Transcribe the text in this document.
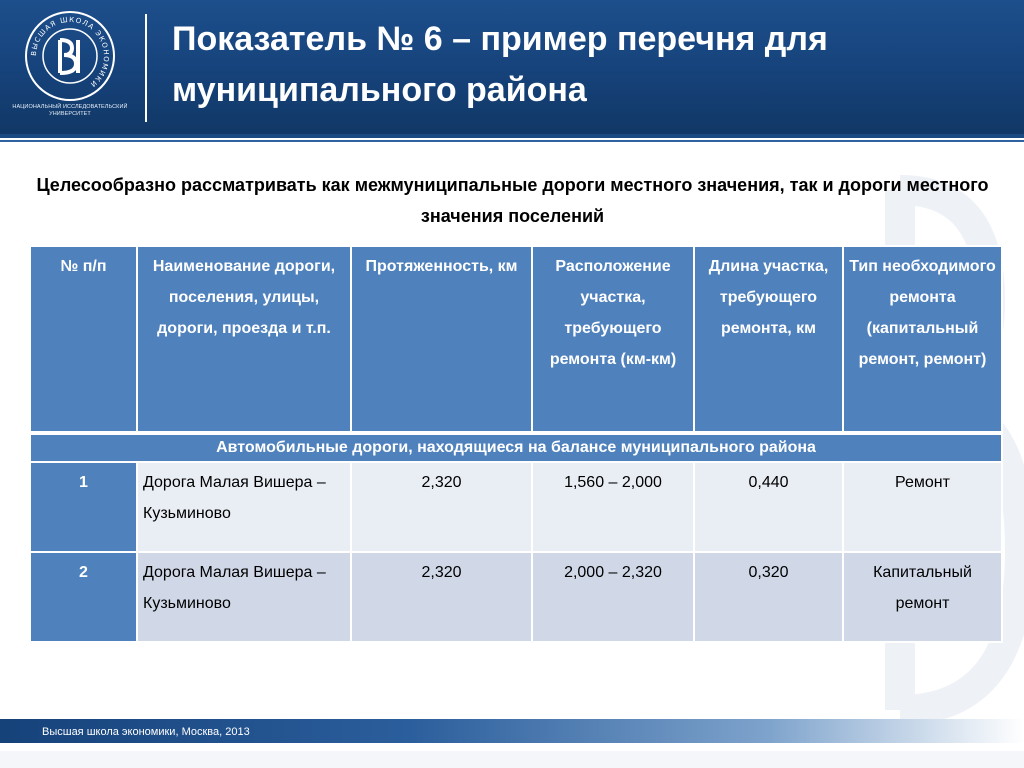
ВЫСШАЯ ШКОЛА ЭКОНОМИКИ
НАЦИОНАЛЬНЫЙ ИССЛЕДОВАТЕЛЬСКИЙ УНИВЕРСИТЕТ
Показатель № 6 – пример перечня для муниципального района
Целесообразно рассматривать как межмуниципальные дороги местного значения, так и дороги местного значения поселений
№ п/п	Наименование дороги, поселения, улицы, дороги, проезда и т.п.	Протяженность, км	Расположение участка, требующего ремонта (км-км)	Длина участка, требующего ремонта, км	Тип необходимого ремонта (капитальный ремонт, ремонт)
Автомобильные дороги, находящиеся на балансе муниципального района					
1	Дорога Малая Вишера – Кузьминово	2,320	1,560 – 2,000	0,440	Ремонт
2	Дорога Малая Вишера – Кузьминово	2,320	2,000 – 2,320	0,320	Капитальный ремонт
Высшая школа экономики, Москва, 2013
